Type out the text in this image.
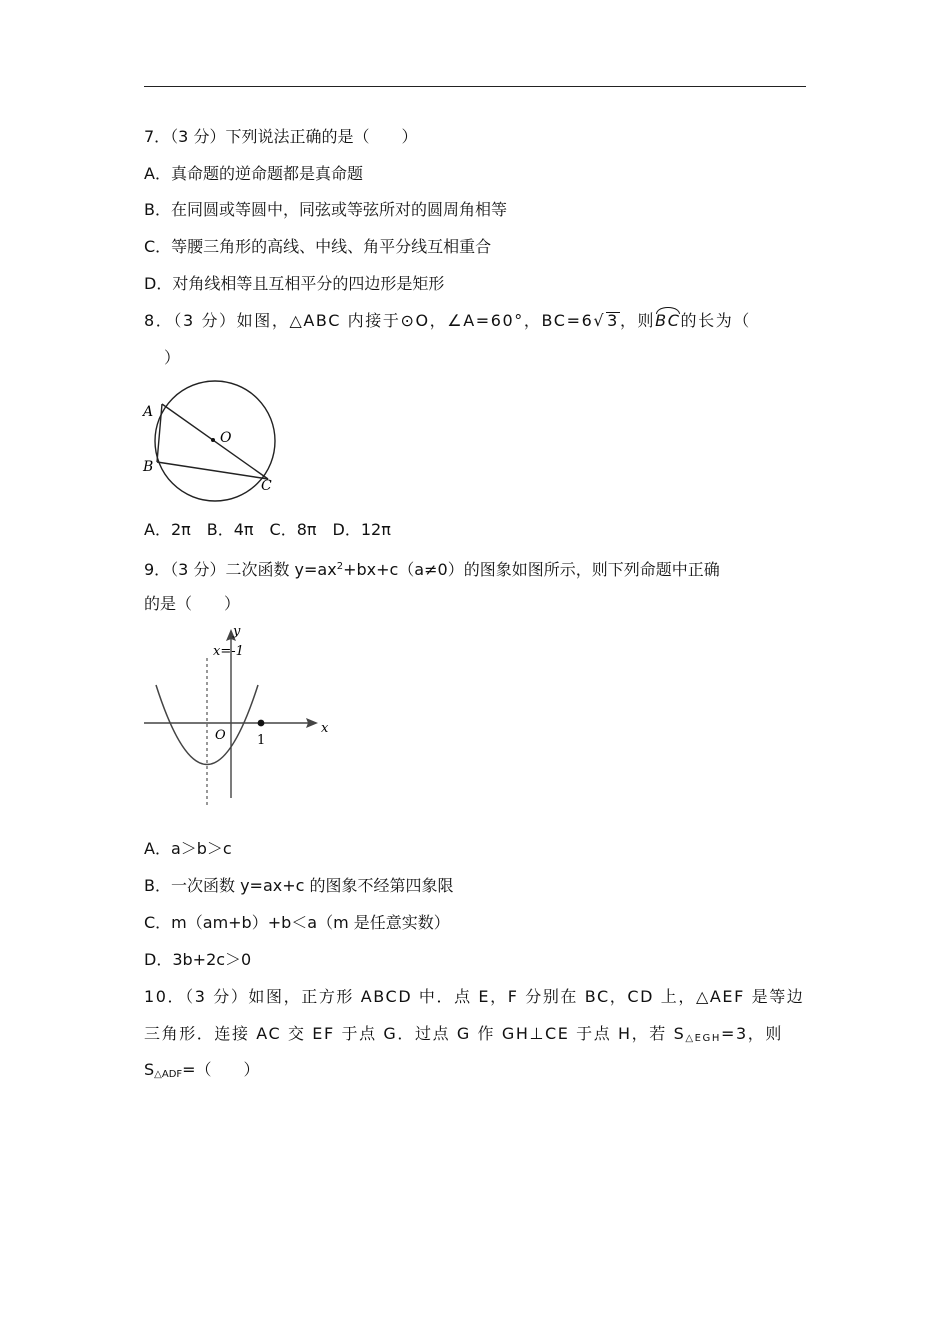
7．（3 分）下列说法正确的是（　　）
A．真命题的逆命题都是真命题
B．在同圆或等圆中，同弦或等弦所对的圆周角相等
C．等腰三角形的高线、中线、角平分线互相重合
D．对角线相等且互相平分的四边形是矩形
8．（3 分）如图，△ABC 内接于⊙O，∠A=60°，BC=6√ 3，则BC的长为（
）
A
B
C
O
A．2π　B．4π　C．8π　D．12π
9．（3 分）二次函数 $y=ax^2+bx+c(a\ne 0)$的图象如图所示，则下列命题中正确
的是（　　）
y
x
x=-1
O 1
A．a＞b＞c
B．一次函数 y=ax+c 的图象不经第四象限
C．m（am+b）+b＜a（m 是任意实数）
D．3b+2c＞0
10．（3 分）如图，正方形 ABCD 中．点 E，F 分别在 BC，CD 上，△AEF 是等边
三角形．连接 AC 交 EF 于点 G．过点 G 作 GH⊥CE 于点 H，若 $S_{\triangle EGH}=3$，则
$S_{\triangle ADF}=$（　　）
